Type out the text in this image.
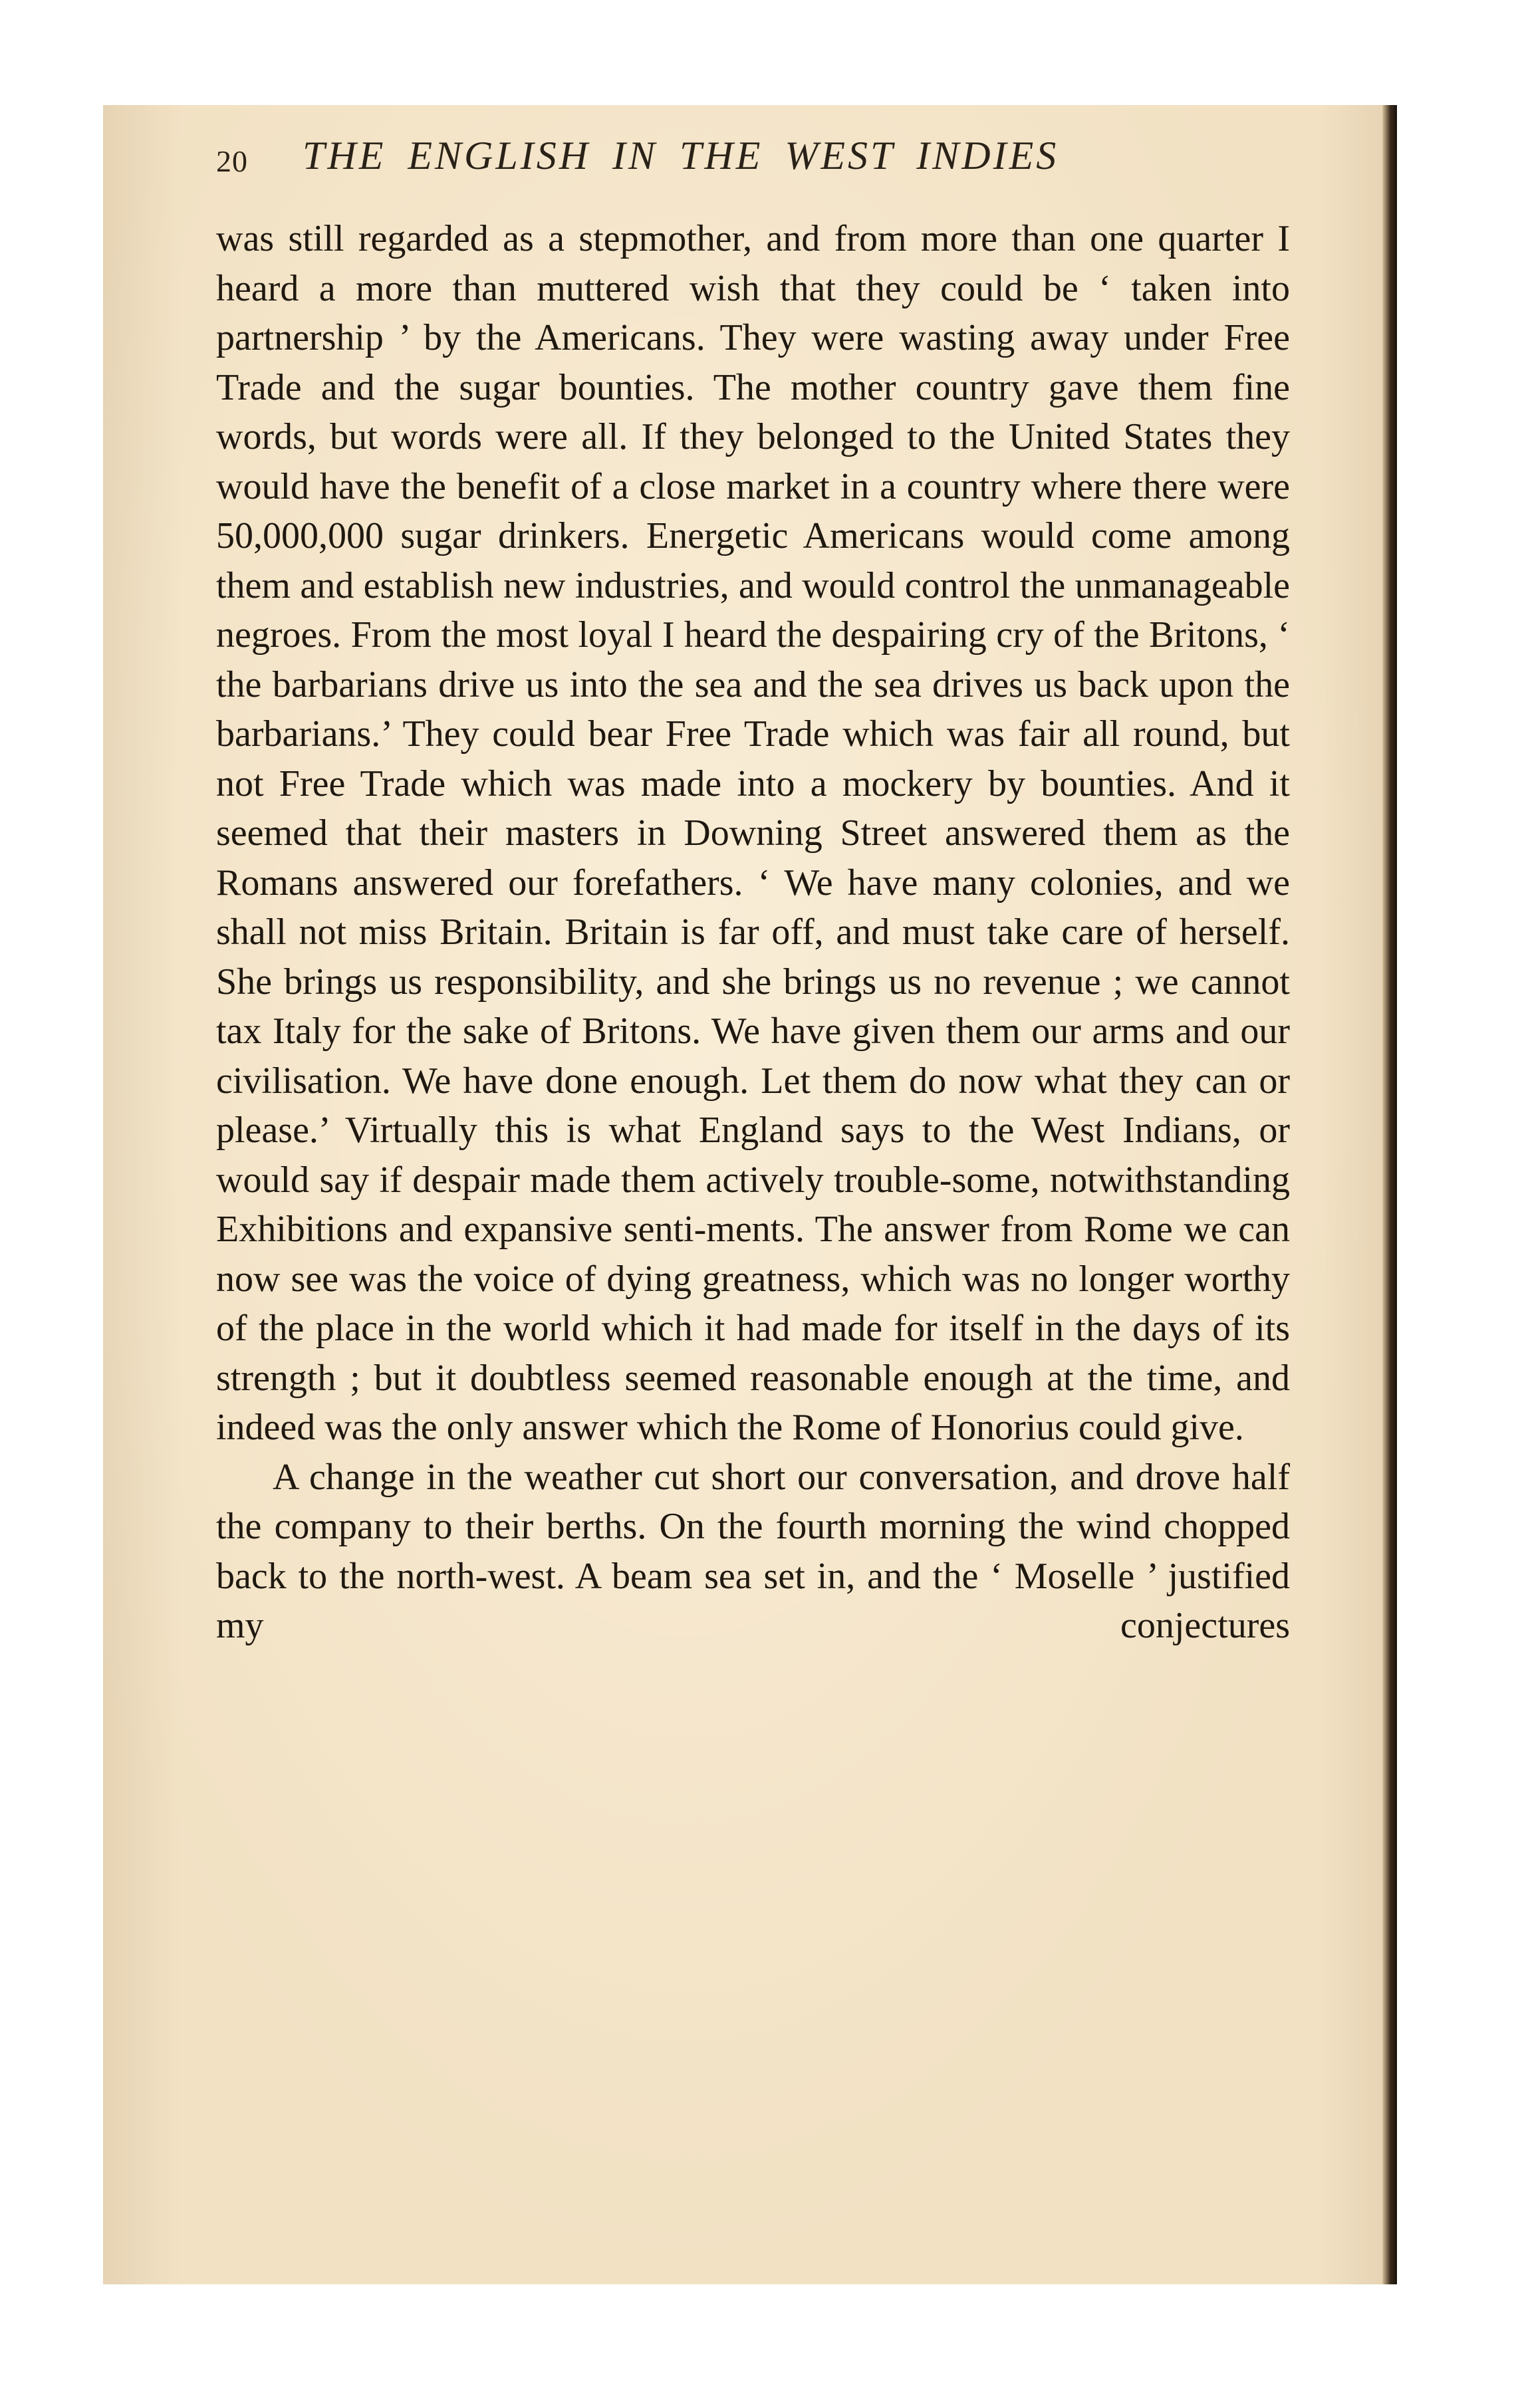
20 THE ENGLISH IN THE WEST INDIES

was still regarded as a stepmother, and from more than one quarter I heard a more than muttered wish that they could be ‘ taken into partnership ’ by the Americans. They were wasting away under Free Trade and the sugar bounties. The mother country gave them fine words, but words were all. If they belonged to the United States they would have the benefit of a close market in a country where there were 50,000,000 sugar drinkers. Energetic Americans would come among them and establish new industries, and would control the unmanageable negroes. From the most loyal I heard the despairing cry of the Britons, ‘ the barbarians drive us into the sea and the sea drives us back upon the barbarians.’ They could bear Free Trade which was fair all round, but not Free Trade which was made into a mockery by bounties. And it seemed that their masters in Downing Street answered them as the Romans answered our forefathers. ‘ We have many colonies, and we shall not miss Britain. Britain is far off, and must take care of herself. She brings us responsibility, and she brings us no revenue ; we cannot tax Italy for the sake of Britons. We have given them our arms and our civilisation. We have done enough. Let them do now what they can or please.’ Virtually this is what England says to the West Indians, or would say if despair made them actively trouble-some, notwithstanding Exhibitions and expansive senti-ments. The answer from Rome we can now see was the voice of dying greatness, which was no longer worthy of the place in the world which it had made for itself in the days of its strength ; but it doubtless seemed reasonable enough at the time, and indeed was the only answer which the Rome of Honorius could give.

A change in the weather cut short our conversation, and drove half the company to their berths. On the fourth morning the wind chopped back to the north-west. A beam sea set in, and the ‘ Moselle ’ justified my conjectures
